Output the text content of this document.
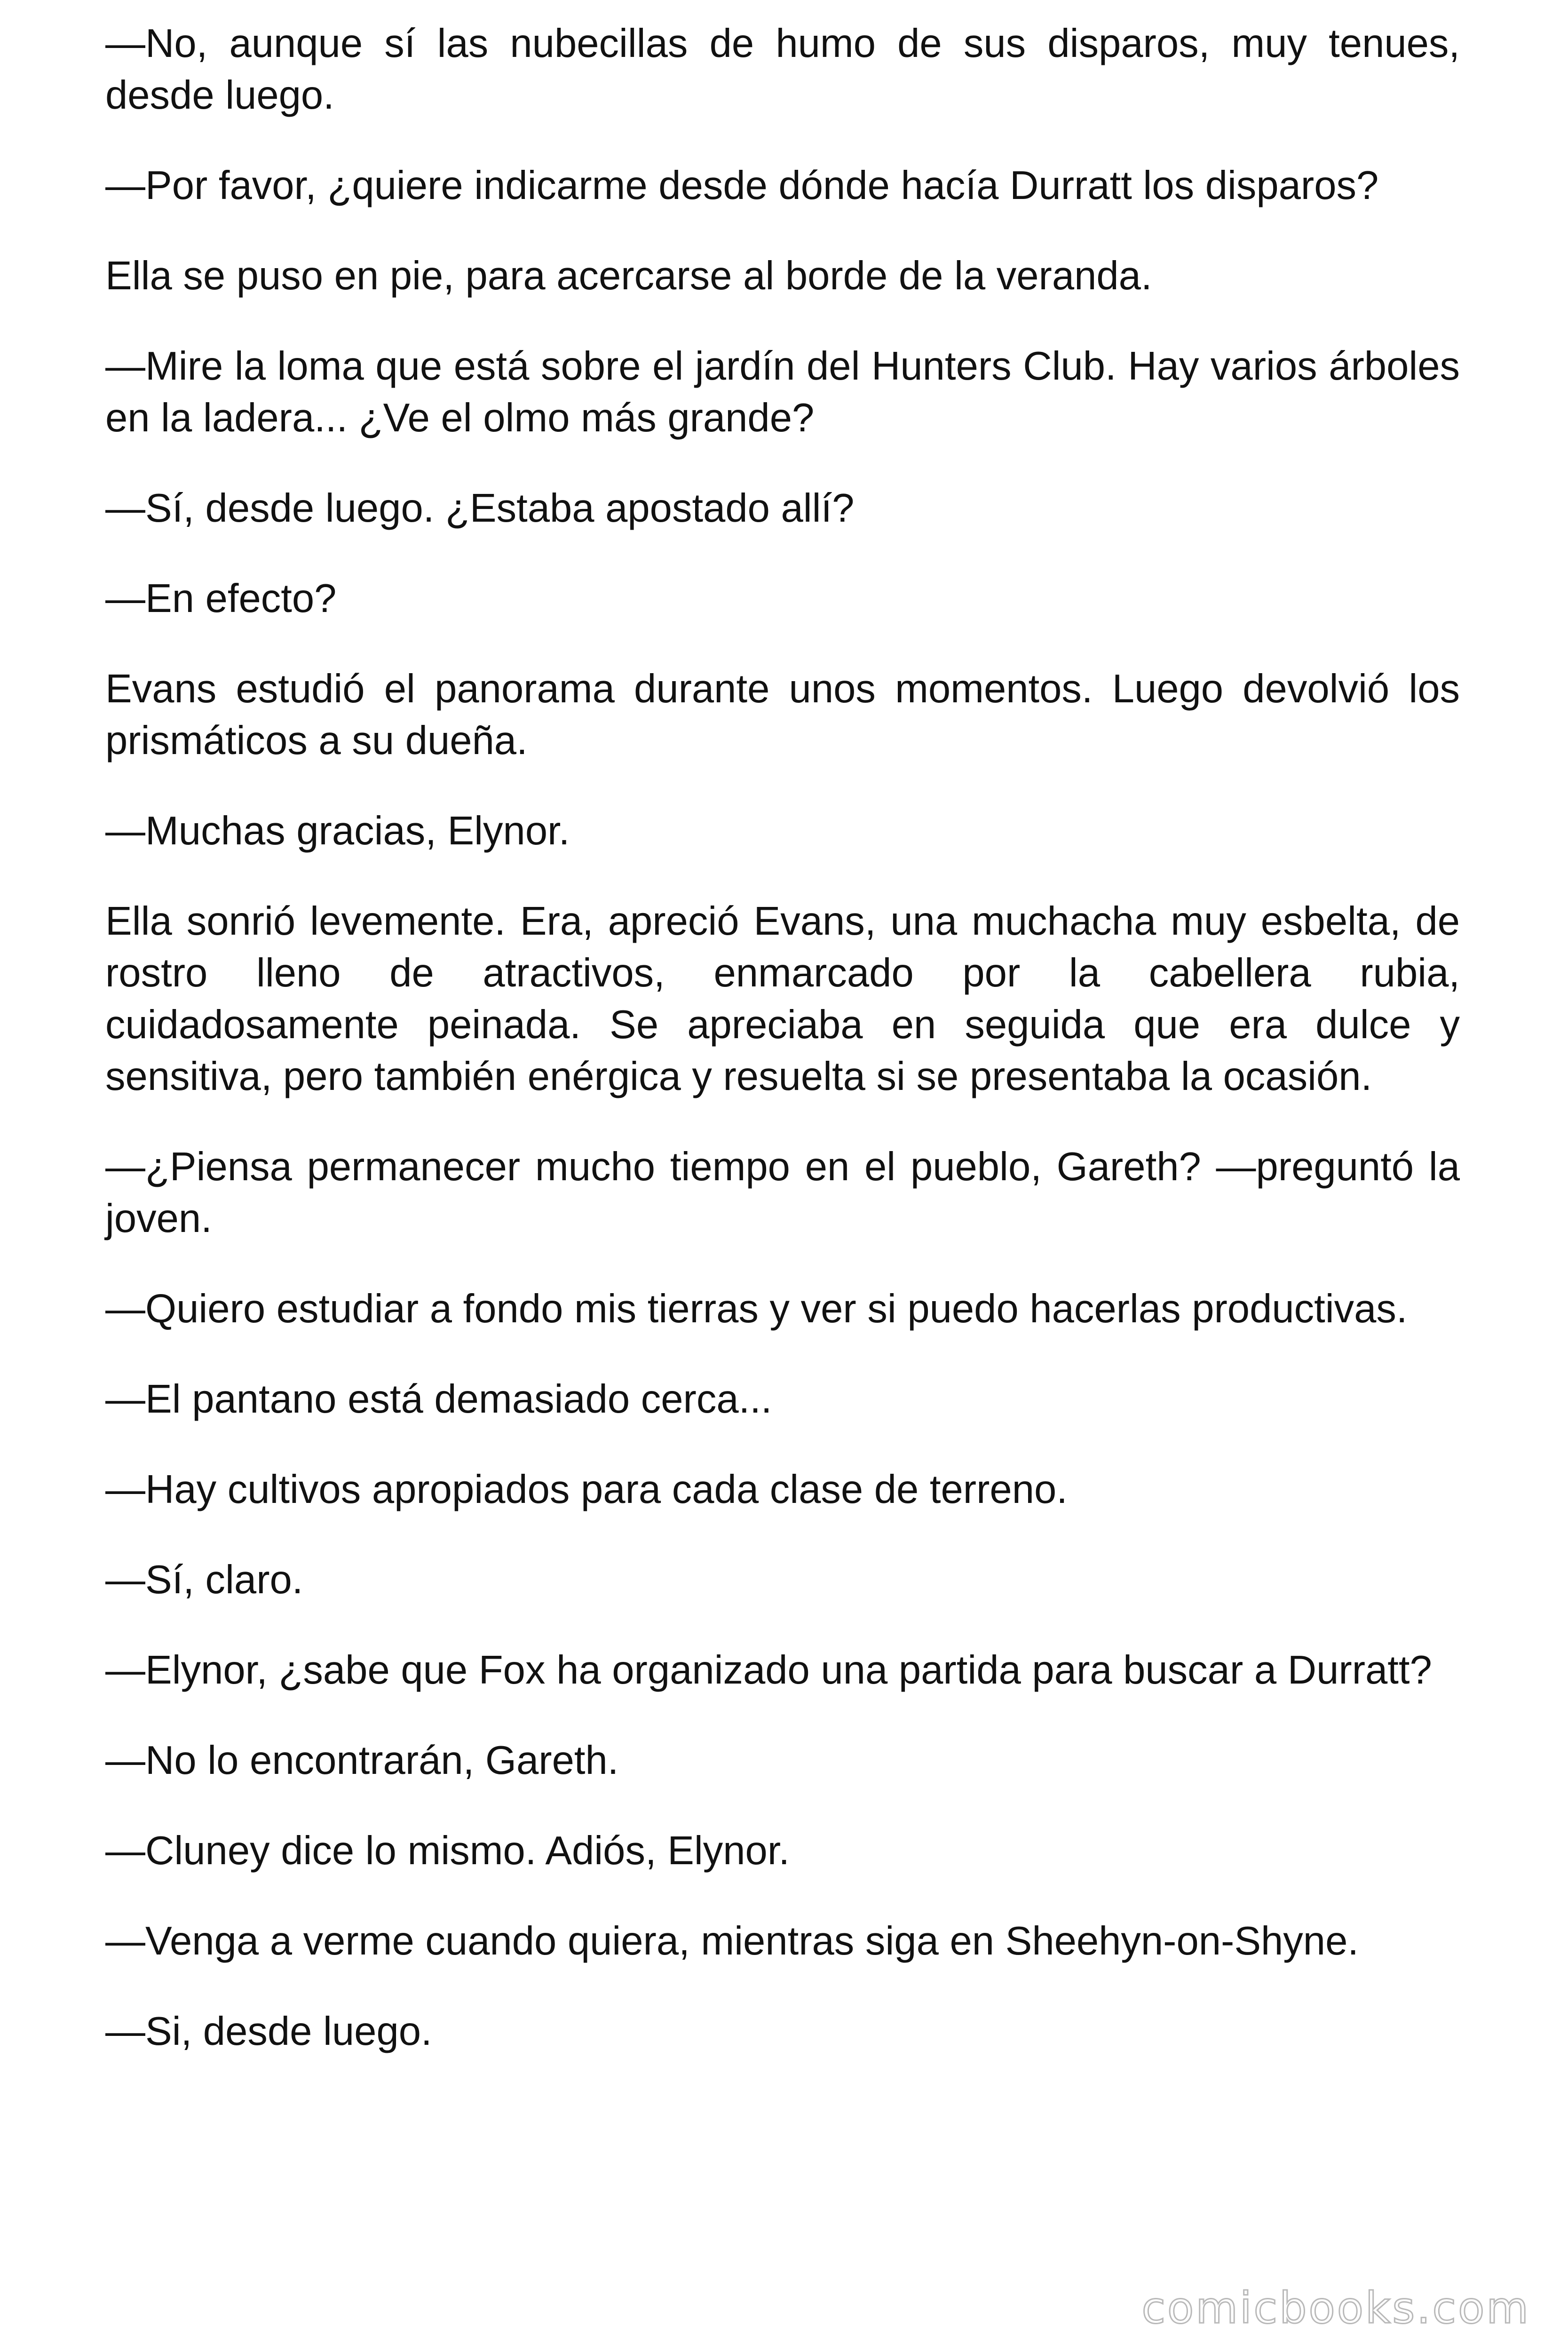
—No, aunque sí las nubecillas de humo de sus disparos, muy tenues, desde luego.

—Por favor, ¿quiere indicarme desde dónde hacía Durratt los disparos?

Ella se puso en pie, para acercarse al borde de la veranda.

—Mire la loma que está sobre el jardín del Hunters Club. Hay varios árboles en la ladera... ¿Ve el olmo más grande?

—Sí, desde luego. ¿Estaba apostado allí?

—En efecto?

Evans estudió el panorama durante unos momentos. Luego devolvió los prismáticos a su dueña.

—Muchas gracias, Elynor.

Ella sonrió levemente. Era, apreció Evans, una muchacha muy esbelta, de rostro lleno de atractivos, enmarcado por la cabellera rubia, cuidadosamente peinada. Se apreciaba en seguida que era dulce y sensitiva, pero también enérgica y resuelta si se presentaba la ocasión.

—¿Piensa permanecer mucho tiempo en el pueblo, Gareth? —preguntó la joven.

—Quiero estudiar a fondo mis tierras y ver si puedo hacerlas productivas.

—El pantano está demasiado cerca...

—Hay cultivos apropiados para cada clase de terreno.

—Sí, claro.

—Elynor, ¿sabe que Fox ha organizado una partida para buscar a Durratt?

—No lo encontrarán, Gareth.

—Cluney dice lo mismo. Adiós, Elynor.

—Venga a verme cuando quiera, mientras siga en Sheehyn-on-Shyne.

—Si, desde luego.

comicbooks.com
